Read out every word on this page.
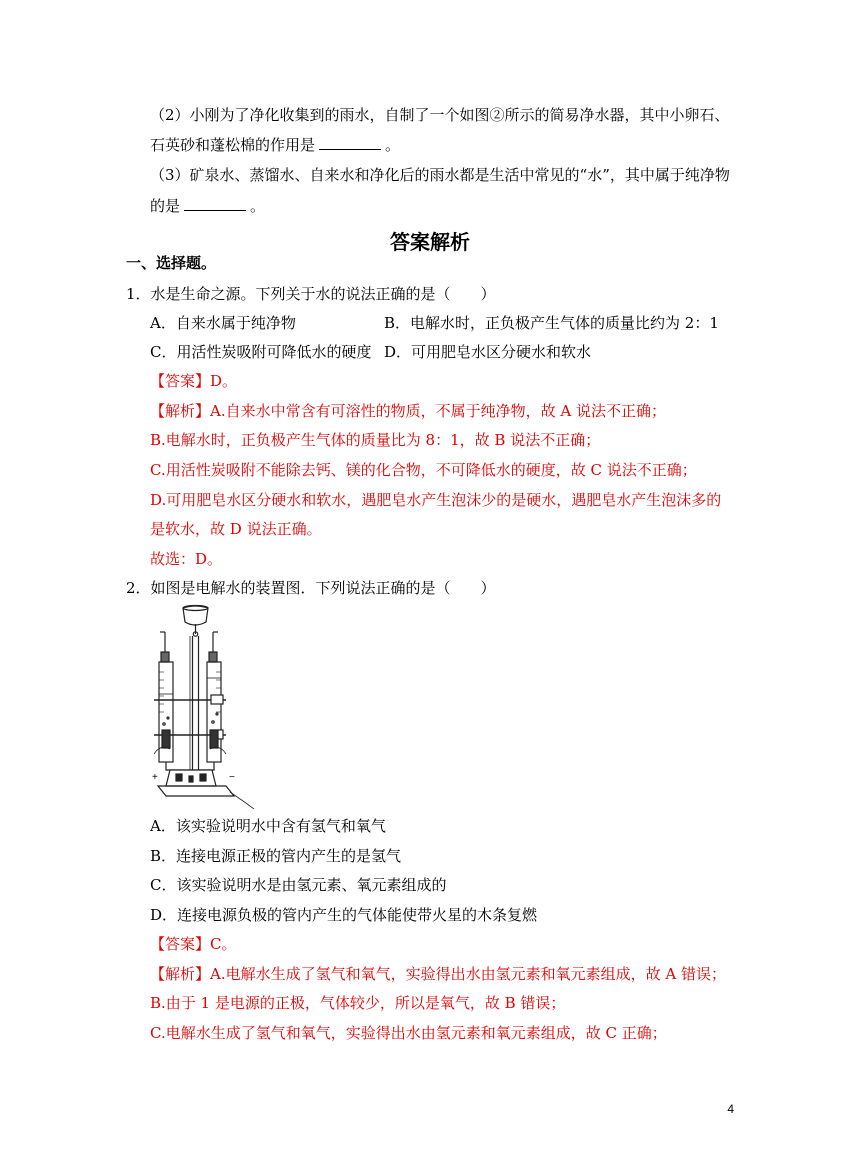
（2）小刚为了净化收集到的雨水，自制了一个如图②所示的简易净水器，其中小卵石、
石英砂和蓬松棉的作用是	。
（3）矿泉水、蒸馏水、自来水和净化后的雨水都是生活中常见的“水”，其中属于纯净物
的是	。
答案解析
一、选择题。
1．水是生命之源。下列关于水的说法正确的是（　　）
A．自来水属于纯净物	B．电解水时，正负极产生气体的质量比约为 2：1
C．用活性炭吸附可降低水的硬度 D．可用肥皂水区分硬水和软水
【答案】D。
【解析】A.自来水中常含有可溶性的物质，不属于纯净物，故 A 说法不正确；
B.电解水时，正负极产生气体的质量比为 8：1，故 B 说法不正确；
C.用活性炭吸附不能除去钙、镁的化合物，不可降低水的硬度，故 C 说法不正确；
D.可用肥皂水区分硬水和软水，遇肥皂水产生泡沫少的是硬水，遇肥皂水产生泡沫多的
是软水，故 D 说法正确。
故选：D。
2．如图是电解水的装置图．下列说法正确的是（　　）
+	−
A．该实验说明水中含有氢气和氧气
B．连接电源正极的管内产生的是氢气
C．该实验说明水是由氢元素、氧元素组成的
D．连接电源负极的管内产生的气体能使带火星的木条复燃
【答案】C。
【解析】A.电解水生成了氢气和氧气，实验得出水由氢元素和氧元素组成，故 A 错误；
B.由于 1 是电源的正极，气体较少，所以是氧气，故 B 错误；
C.电解水生成了氢气和氧气，实验得出水由氢元素和氧元素组成，故 C 正确；
4
